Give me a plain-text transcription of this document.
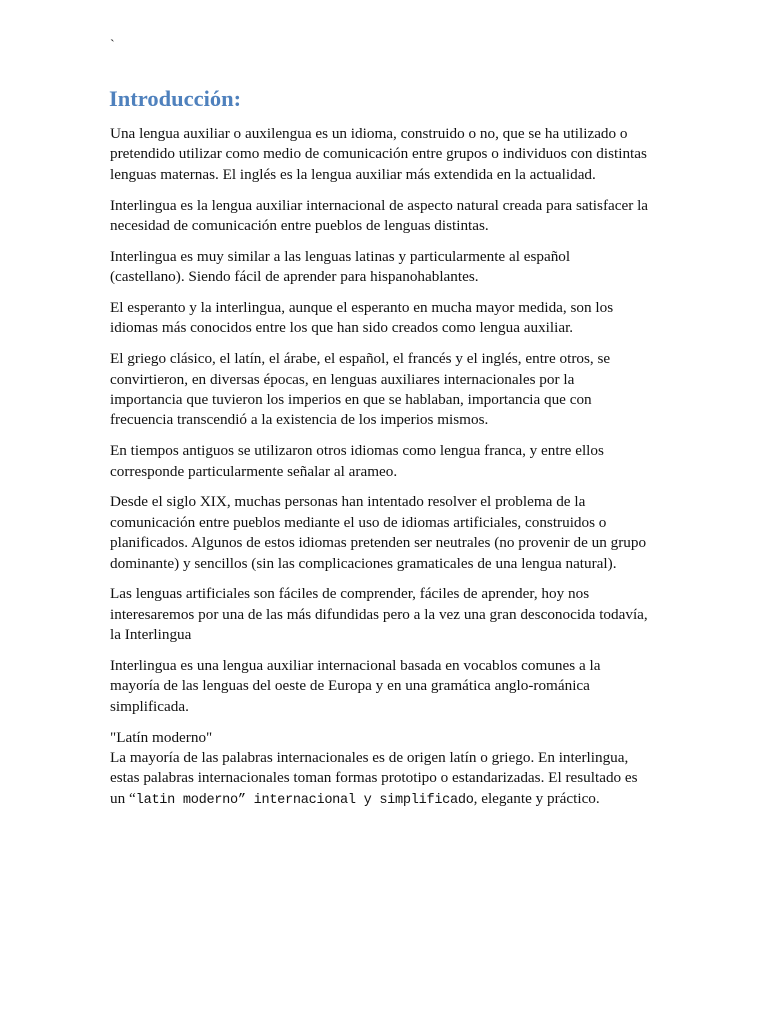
`
Introducción:

Una lengua auxiliar o auxilengua es un idioma, construido o no, que se ha utilizado o
pretendido utilizar como medio de comunicación entre grupos o individuos con distintas
lenguas maternas. El inglés es la lengua auxiliar más extendida en la actualidad.

Interlingua es la lengua auxiliar internacional de aspecto natural creada para satisfacer la
necesidad de comunicación entre pueblos de lenguas distintas.

Interlingua es muy similar a las lenguas latinas y particularmente al español
(castellano). Siendo fácil de aprender para hispanohablantes.

El esperanto y la interlingua, aunque el esperanto en mucha mayor medida, son los
idiomas más conocidos entre los que han sido creados como lengua auxiliar.

El griego clásico, el latín, el árabe, el español, el francés y el inglés, entre otros, se
convirtieron, en diversas épocas, en lenguas auxiliares internacionales por la
importancia que tuvieron los imperios en que se hablaban, importancia que con
frecuencia transcendió a la existencia de los imperios mismos.

En tiempos antiguos se utilizaron otros idiomas como lengua franca, y entre ellos
corresponde particularmente señalar al arameo.

Desde el siglo XIX, muchas personas han intentado resolver el problema de la
comunicación entre pueblos mediante el uso de idiomas artificiales, construidos o
planificados. Algunos de estos idiomas pretenden ser neutrales (no provenir de un grupo
dominante) y sencillos (sin las complicaciones gramaticales de una lengua natural).

Las lenguas artificiales son fáciles de comprender, fáciles de aprender, hoy nos
interesaremos por una de las más difundidas pero a la vez una gran desconocida todavía,
la Interlingua

Interlingua es una lengua auxiliar internacional basada en vocablos comunes a la
mayoría de las lenguas del oeste de Europa y en una gramática anglo-románica
simplificada.

"Latín moderno"
La mayoría de las palabras internacionales es de origen latín o griego. En interlingua,
estas palabras internacionales toman formas prototipo o estandarizadas. El resultado es
un “latin moderno” internacional y simplificado, elegante y práctico.
